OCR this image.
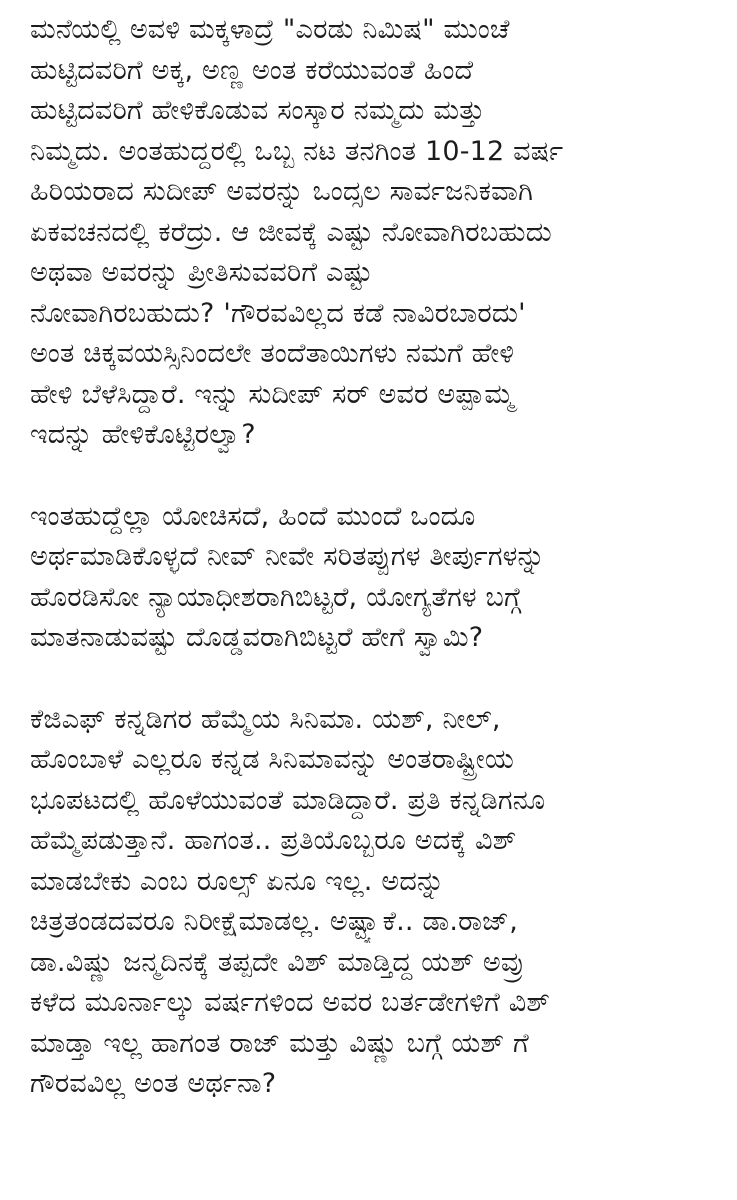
ಮನೆಯಲ್ಲಿ ಅವಳಿ ಮಕ್ಕಳಾದ್ರೆ "ಎರಡು ನಿಮಿಷ" ಮುಂಚೆ
ಹುಟ್ಟಿದವರಿಗೆ ಅಕ್ಕ, ಅಣ್ಣ ಅಂತ ಕರೆಯುವಂತೆ ಹಿಂದೆ
ಹುಟ್ಟಿದವರಿಗೆ ಹೇಳಿಕೊಡುವ ಸಂಸ್ಕಾರ ನಮ್ಮದು ಮತ್ತು
ನಿಮ್ಮದು. ಅಂತಹುದ್ದರಲ್ಲಿ ಒಬ್ಬ ನಟ ತನಗಿಂತ 10-12 ವರ್ಷ
ಹಿರಿಯರಾದ ಸುದೀಪ್ ಅವರನ್ನು ಒಂದ್ಸಲ ಸಾರ್ವಜನಿಕವಾಗಿ
ಏಕವಚನದಲ್ಲಿ ಕರೆದ್ರು. ಆ ಜೀವಕ್ಕೆ ಎಷ್ಟು ನೋವಾಗಿರಬಹುದು
ಅಥವಾ ಅವರನ್ನು ಪ್ರೀತಿಸುವವರಿಗೆ ಎಷ್ಟು
ನೋವಾಗಿರಬಹುದು? 'ಗೌರವವಿಲ್ಲದ ಕಡೆ ನಾವಿರಬಾರದು'
ಅಂತ ಚಿಕ್ಕವಯಸ್ಸಿನಿಂದಲೇ ತಂದೆತಾಯಿಗಳು ನಮಗೆ ಹೇಳಿ
ಹೇಳಿ ಬೆಳೆಸಿದ್ದಾರೆ. ಇನ್ನು ಸುದೀಪ್ ಸರ್ ಅವರ ಅಪ್ಪಾಮ್ಮ
ಇದನ್ನು ಹೇಳಿಕೊಟ್ಟಿರಲ್ವಾ?
ಇಂತಹುದ್ದೆಲ್ಲಾ ಯೋಚಿಸದೆ, ಹಿಂದೆ ಮುಂದೆ ಒಂದೂ
ಅರ್ಥಮಾಡಿಕೊಳ್ಳದೆ ನೀವ್ ನೀವೇ ಸರಿತಪ್ಪುಗಳ ತೀರ್ಪುಗಳನ್ನು
ಹೊರಡಿಸೋ ನ್ಯಾಯಾಧೀಶರಾಗಿಬಿಟ್ಟರೆ, ಯೋಗ್ಯತೆಗಳ ಬಗ್ಗೆ
ಮಾತನಾಡುವಷ್ಟು ದೊಡ್ಡವರಾಗಿಬಿಟ್ಟರೆ ಹೇಗೆ ಸ್ವಾಮಿ?
ಕೆಜಿಎಫ್ ಕನ್ನಡಿಗರ ಹೆಮ್ಮೆಯ ಸಿನಿಮಾ. ಯಶ್, ನೀಲ್,
ಹೊಂಬಾಳೆ ಎಲ್ಲರೂ ಕನ್ನಡ ಸಿನಿಮಾವನ್ನು ಅಂತರಾಷ್ಟ್ರೀಯ
ಭೂಪಟದಲ್ಲಿ ಹೊಳೆಯುವಂತೆ ಮಾಡಿದ್ದಾರೆ. ಪ್ರತಿ ಕನ್ನಡಿಗನೂ
ಹೆಮ್ಮೆಪಡುತ್ತಾನೆ. ಹಾಗಂತ.. ಪ್ರತಿಯೊಬ್ಬರೂ ಅದಕ್ಕೆ ವಿಶ್
ಮಾಡಬೇಕು ಎಂಬ ರೂಲ್ಸ್ ಏನೂ ಇಲ್ಲ. ಅದನ್ನು
ಚಿತ್ರತಂಡದವರೂ ನಿರೀಕ್ಷೆಮಾಡಲ್ಲ. ಅಷ್ಟ್ಯಾಕೆ.. ಡಾ.ರಾಜ್,
ಡಾ.ವಿಷ್ಣು ಜನ್ಮದಿನಕ್ಕೆ ತಪ್ಪದೇ ವಿಶ್ ಮಾಡ್ತಿದ್ದ ಯಶ್ ಅವ್ರು
ಕಳೆದ ಮೂರ್ನಾಲ್ಕು ವರ್ಷಗಳಿಂದ ಅವರ ಬರ್ತಡೇಗಳಿಗೆ ವಿಶ್
ಮಾಡ್ತಾ ಇಲ್ಲ ಹಾಗಂತ ರಾಜ್ ಮತ್ತು ವಿಷ್ಣು ಬಗ್ಗೆ ಯಶ್ ಗೆ
ಗೌರವವಿಲ್ಲ ಅಂತ ಅರ್ಥನಾ?
